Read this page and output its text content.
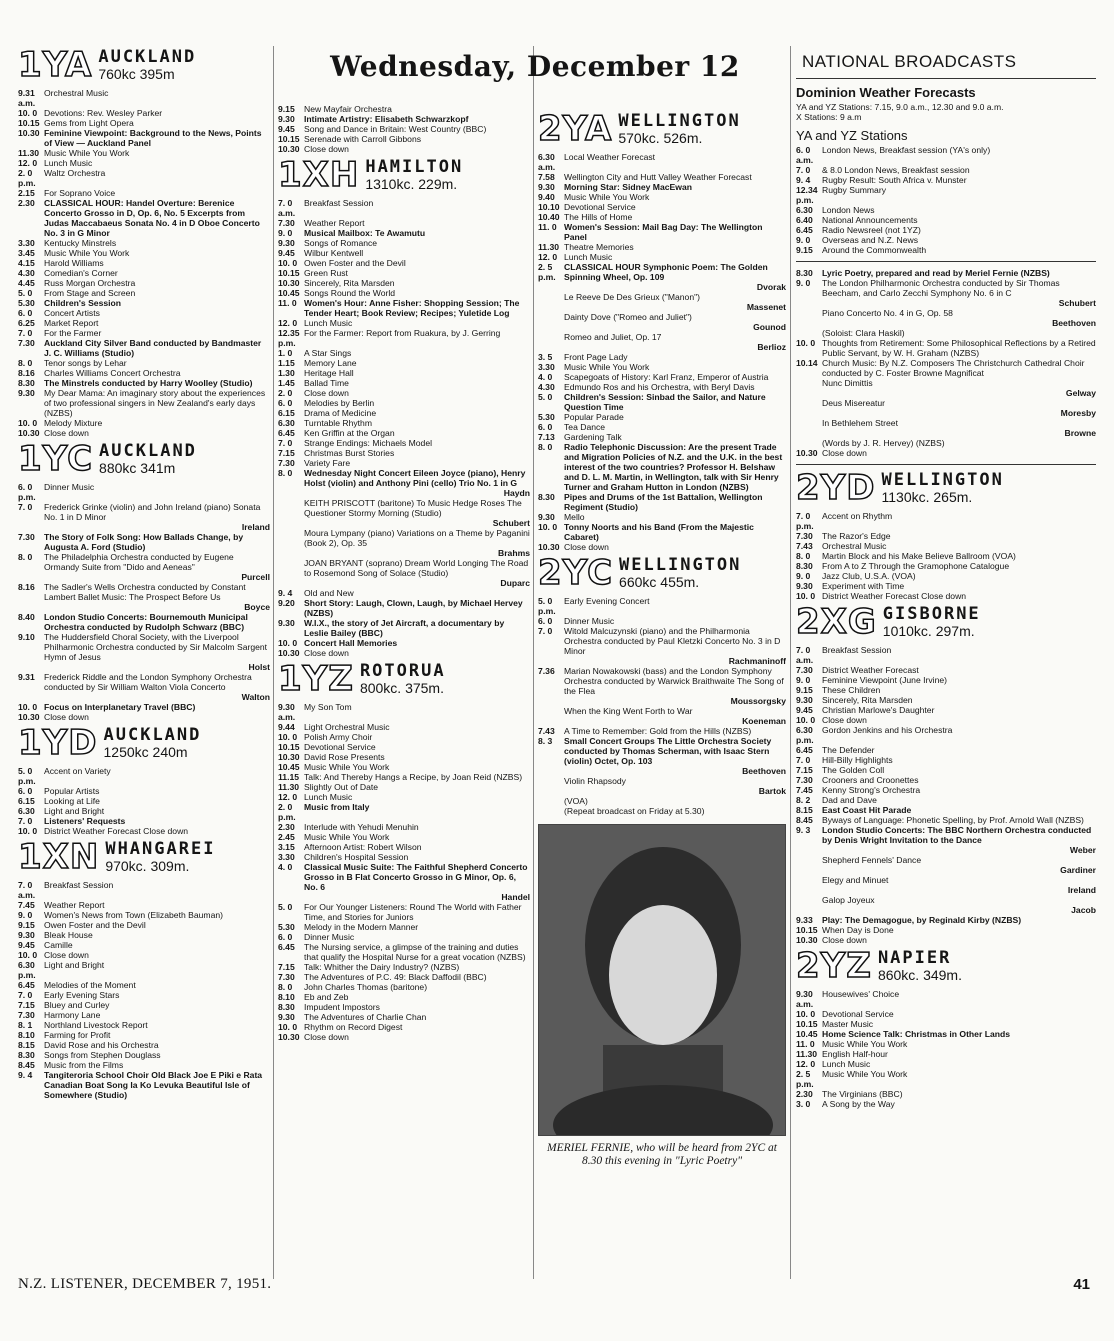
Wednesday, December 12
1YA AUCKLAND
760kc 395m
9.31 a.m.
Orchestral Music
10. 0 Devotions: Rev. Wesley Parker
10.15 Gems from Light Opera
10.30 Feminine Viewpoint: Background to the News, Points of View — Auckland Panel
11.30 Music While You Work
12. 0 Lunch Music
2. 0 p.m.
Waltz Orchestra
2.15	For Soprano Voice
2.30	CLASSICAL HOUR: Handel Overture: Berenice Concerto Grosso in D, Op. 6, No. 5 Excerpts from Judas Maccabaeus Sonata No. 4 in D Oboe Concerto No. 3 in G Minor
3.30	Kentucky Minstrels
3.45	Music While You Work
4.15	Harold Williams
4.30	Comedian's Corner
4.45	Russ Morgan Orchestra
5. 0	From Stage and Screen
5.30	Children's Session
6. 0	Concert Artists
6.25	Market Report
7. 0	For the Farmer
7.30	Auckland City Silver Band conducted by Bandmaster J. C. Williams (Studio)
8. 0	Tenor songs by Lehar
8.16	Charles Williams Concert Orchestra
8.30	The Minstrels conducted by Harry Woolley (Studio)
9.30	My Dear Mama: An imaginary story about the experiences of two professional singers in New Zealand's early days (NZBS)
10. 0 Melody Mixture
10.30 Close down
1YC AUCKLAND
880kc 341m
6. 0 p.m.
Dinner Music
7. 0	Frederick Grinke (violin) and John Ireland (piano) Sonata No. 1 in D Minor
Ireland
7.30	The Story of Folk Song: How Ballads Change, by Augusta A. Ford (Studio)
8. 0	The Philadelphia Orchestra conducted by Eugene Ormandy Suite from "Dido and Aeneas"
Purcell
8.16	The Sadler's Wells Orchestra conducted by Constant Lambert Ballet Music: The Prospect Before Us
Boyce
8.40	London Studio Concerts: Bournemouth Municipal Orchestra conducted by Rudolph Schwarz (BBC)
9.10	The Huddersfield Choral Society, with the Liverpool Philharmonic Orchestra conducted by Sir Malcolm Sargent Hymn of Jesus
Holst
9.31	Frederick Riddle and the London Symphony Orchestra conducted by Sir William Walton Viola Concerto
Walton
10. 0 Focus on Interplanetary Travel (BBC)
10.30 Close down
1YD AUCKLAND
1250kc 240m
5. 0 p.m.
Accent on Variety
6. 0	Popular Artists
6.15	Looking at Life
6.30	Light and Bright
7. 0	Listeners' Requests
10. 0 District Weather Forecast Close down
1XN WHANGAREI
970kc. 309m.
7. 0 a.m.
Breakfast Session
7.45	Weather Report
9. 0	Women's News from Town (Elizabeth Bauman)
9.15	Owen Foster and the Devil
9.30	Bleak House
9.45	Camille
10. 0 Close down
6.30 p.m.
Light and Bright
6.45	Melodies of the Moment
7. 0	Early Evening Stars
7.15	Bluey and Curley
7.30	Harmony Lane
8. 1	Northland Livestock Report
8.10	Farming for Profit
8.15	David Rose and his Orchestra
8.30	Songs from Stephen Douglass
8.45	Music from the Films
9. 4	Tangiteroria School Choir Old Black Joe E Piki e Rata Canadian Boat Song Ia Ko Levuka Beautiful Isle of Somewhere (Studio)
9.15	New Mayfair Orchestra
9.30	Intimate Artistry: Elisabeth Schwarzkopf
9.45	Song and Dance in Britain: West Country (BBC)
10.15 Serenade with Carroll Gibbons
10.30 Close down
1XH HAMILTON
1310kc. 229m.
7. 0 a.m.
Breakfast Session
7.30	Weather Report
9. 0	Musical Mailbox: Te Awamutu
9.30	Songs of Romance
9.45	Wilbur Kentwell
10. 0 Owen Foster and the Devil
10.15 Green Rust
10.30 Sincerely, Rita Marsden
10.45 Songs Round the World
11. 0 Women's Hour: Anne Fisher: Shopping Session; The Tender Heart; Book Review; Recipes; Yuletide Log
12. 0 Lunch Music
12.35 p.m.
For the Farmer: Report from Ruakura, by J. Gerring
1. 0	A Star Sings
1.15	Memory Lane
1.30	Heritage Hall
1.45	Ballad Time
2. 0	Close down
6. 0	Melodies by Berlin
6.15	Drama of Medicine
6.30	Turntable Rhythm
6.45	Ken Griffin at the Organ
7. 0	Strange Endings: Michaels Model
7.15	Christmas Burst Stories
7.30	Variety Fare
8. 0	Wednesday Night Concert Eileen Joyce (piano), Henry Holst (violin) and Anthony Pini (cello) Trio No. 1 in G
Haydn
KEITH PRISCOTT (baritone) To Music Hedge Roses The Questioner Stormy Morning (Studio)
Schubert
Moura Lympany (piano) Variations on a Theme by Paganini (Book 2), Op. 35
Brahms
JOAN BRYANT (soprano) Dream World Longing The Road to Rosemond Song of Solace (Studio)
Duparc
9. 4	Old and New
9.20	Short Story: Laugh, Clown, Laugh, by Michael Hervey (NZBS)
9.30	W.I.X., the story of Jet Aircraft, a documentary by Leslie Bailey (BBC)
10. 0 Concert Hall Memories
10.30 Close down
1YZ ROTORUA
800kc. 375m.
9.30 a.m.
My Son Tom
9.44	Light Orchestral Music
10. 0 Polish Army Choir
10.15 Devotional Service
10.30 David Rose Presents
10.45 Music While You Work
11.15 Talk: And Thereby Hangs a Recipe, by Joan Reid (NZBS)
11.30 Slightly Out of Date
12. 0 Lunch Music
2. 0 p.m.
Music from Italy
2.30	Interlude with Yehudi Menuhin
2.45	Music While You Work
3.15	Afternoon Artist: Robert Wilson
3.30	Children's Hospital Session
4. 0	Classical Music Suite: The Faithful Shepherd Concerto Grosso in B Flat Concerto Grosso in G Minor, Op. 6, No. 6
Handel
5. 0	For Our Younger Listeners: Round The World with Father Time, and Stories for Juniors
5.30	Melody in the Modern Manner
6. 0	Dinner Music
6.45	The Nursing service, a glimpse of the training and duties that qualify the Hospital Nurse for a great vocation (NZBS)
7.15	Talk: Whither the Dairy Industry? (NZBS)
7.30	The Adventures of P.C. 49: Black Daffodil (BBC)
8. 0	John Charles Thomas (baritone)
8.10	Eb and Zeb
8.30	Impudent Impostors
9.30	The Adventures of Charlie Chan
10. 0 Rhythm on Record Digest
10.30 Close down
2YA WELLINGTON
570kc. 526m.
6.30 a.m.
Local Weather Forecast
7.58	Wellington City and Hutt Valley Weather Forecast
9.30	Morning Star: Sidney MacEwan
9.40	Music While You Work
10.10 Devotional Service
10.40 The Hills of Home
11. 0 Women's Session: Mail Bag Day: The Wellington Panel
11.30 Theatre Memories
12. 0 Lunch Music
2. 5 p.m.
CLASSICAL HOUR Symphonic Poem: The Golden Spinning Wheel, Op. 109
Dvorak
Le Reeve De Des Grieux ("Manon")
Massenet
Dainty Dove ("Romeo and Juliet")
Gounod
Romeo and Juliet, Op. 17
Berlioz
3. 5	Front Page Lady
3.30	Music While You Work
4. 0	Scapegoats of History: Karl Franz, Emperor of Austria
4.30	Edmundo Ros and his Orchestra, with Beryl Davis
5. 0	Children's Session: Sinbad the Sailor, and Nature Question Time
5.30	Popular Parade
6. 0	Tea Dance
7.13	Gardening Talk
8. 0	Radio Telephonic Discussion: Are the present Trade and Migration Policies of N.Z. and the U.K. in the best interest of the two countries? Professor H. Belshaw and D. L. M. Martin, in Wellington, talk with Sir Henry Turner and Graham Hutton in London (NZBS)
8.30	Pipes and Drums of the 1st Battalion, Wellington Regiment (Studio)
9.30	Mello
10. 0 Tonny Noorts and his Band (From the Majestic Cabaret)
10.30 Close down
2YC WELLINGTON
660kc 455m.
5. 0 p.m.
Early Evening Concert
6. 0	Dinner Music
7. 0	Witold Malcuzynski (piano) and the Philharmonia Orchestra conducted by Paul Kletzki Concerto No. 3 in D Minor
Rachmaninoff
7.36	Marian Nowakowski (bass) and the London Symphony Orchestra conducted by Warwick Braithwaite The Song of the Flea
Moussorgsky
When the King Went Forth to War
Koeneman
7.43	A Time to Remember: Gold from the Hills (NZBS)
8. 3	Small Concert Groups The Little Orchestra Society conducted by Thomas Scherman, with Isaac Stern (violin) Octet, Op. 103
Beethoven
Violin Rhapsody
Bartok
(VOA)
(Repeat broadcast on Friday at 5.30)
MERIEL FERNIE, who will be heard from 2YC at 8.30 this evening in "Lyric Poetry"
NATIONAL BROADCASTS
Dominion Weather Forecasts
YA and YZ Stations: 7.15, 9.0 a.m., 12.30 and 9.0 a.m.
X Stations: 9 a.m
YA and YZ Stations
6. 0 a.m.
London News, Breakfast session (YA's only)
7. 0	& 8.0 London News, Breakfast session
9. 4	Rugby Result: South Africa v. Munster
12.34 p.m.
Rugby Summary
6.30	London News
6.40	National Announcements
6.45	Radio Newsreel (not 1YZ)
9. 0	Overseas and N.Z. News
9.15	Around the Commonwealth
8.30	Lyric Poetry, prepared and read by Meriel Fernie (NZBS)
9. 0	The London Philharmonic Orchestra conducted by Sir Thomas Beecham, and Carlo Zecchi Symphony No. 6 in C
Schubert
Piano Concerto No. 4 in G, Op. 58
Beethoven
(Soloist: Clara Haskil)
10. 0 Thoughts from Retirement: Some Philosophical Reflections by a Retired Public Servant, by W. H. Graham (NZBS)
10.14 Church Music: By N.Z. Composers The Christchurch Cathedral Choir conducted by C. Foster Browne Magnificat
Nunc Dimittis
Gelway
Deus Misereatur
Moresby
In Bethlehem Street
Browne
(Words by J. R. Hervey) (NZBS)
10.30 Close down
2YD WELLINGTON
1130kc. 265m.
7. 0 p.m.
Accent on Rhythm
7.30	The Razor's Edge
7.43	Orchestral Music
8. 0	Martin Block and his Make Believe Ballroom (VOA)
8.30	From A to Z Through the Gramophone Catalogue
9. 0	Jazz Club, U.S.A. (VOA)
9.30	Experiment with Time
10. 0 District Weather Forecast Close down
2XG GISBORNE
1010kc. 297m.
7. 0 a.m.
Breakfast Session
7.30	District Weather Forecast
9. 0	Feminine Viewpoint (June Irvine)
9.15	These Children
9.30	Sincerely, Rita Marsden
9.45	Christian Marlowe's Daughter
10. 0 Close down
6.30 p.m.
Gordon Jenkins and his Orchestra
6.45	The Defender
7. 0	Hill-Billy Highlights
7.15	The Golden Coll
7.30	Crooners and Croonettes
7.45	Kenny Strong's Orchestra
8. 2	Dad and Dave
8.15	East Coast Hit Parade
8.45	Byways of Language: Phonetic Spelling, by Prof. Arnold Wall (NZBS)
9. 3	London Studio Concerts: The BBC Northern Orchestra conducted by Denis Wright Invitation to the Dance
Weber
Shepherd Fennels' Dance
Gardiner
Elegy and Minuet
Ireland
Galop Joyeux
Jacob
9.33	Play: The Demagogue, by Reginald Kirby (NZBS)
10.15 When Day is Done
10.30 Close down
2YZ NAPIER
860kc. 349m.
9.30 a.m.
Housewives' Choice
10. 0 Devotional Service
10.15 Master Music
10.45 Home Science Talk: Christmas in Other Lands
11. 0 Music While You Work
11.30 English Half-hour
12. 0 Lunch Music
2. 5 p.m.
Music While You Work
2.30	The Virginians (BBC)
3. 0	A Song by the Way
N.Z. LISTENER, DECEMBER 7, 1951.	41
